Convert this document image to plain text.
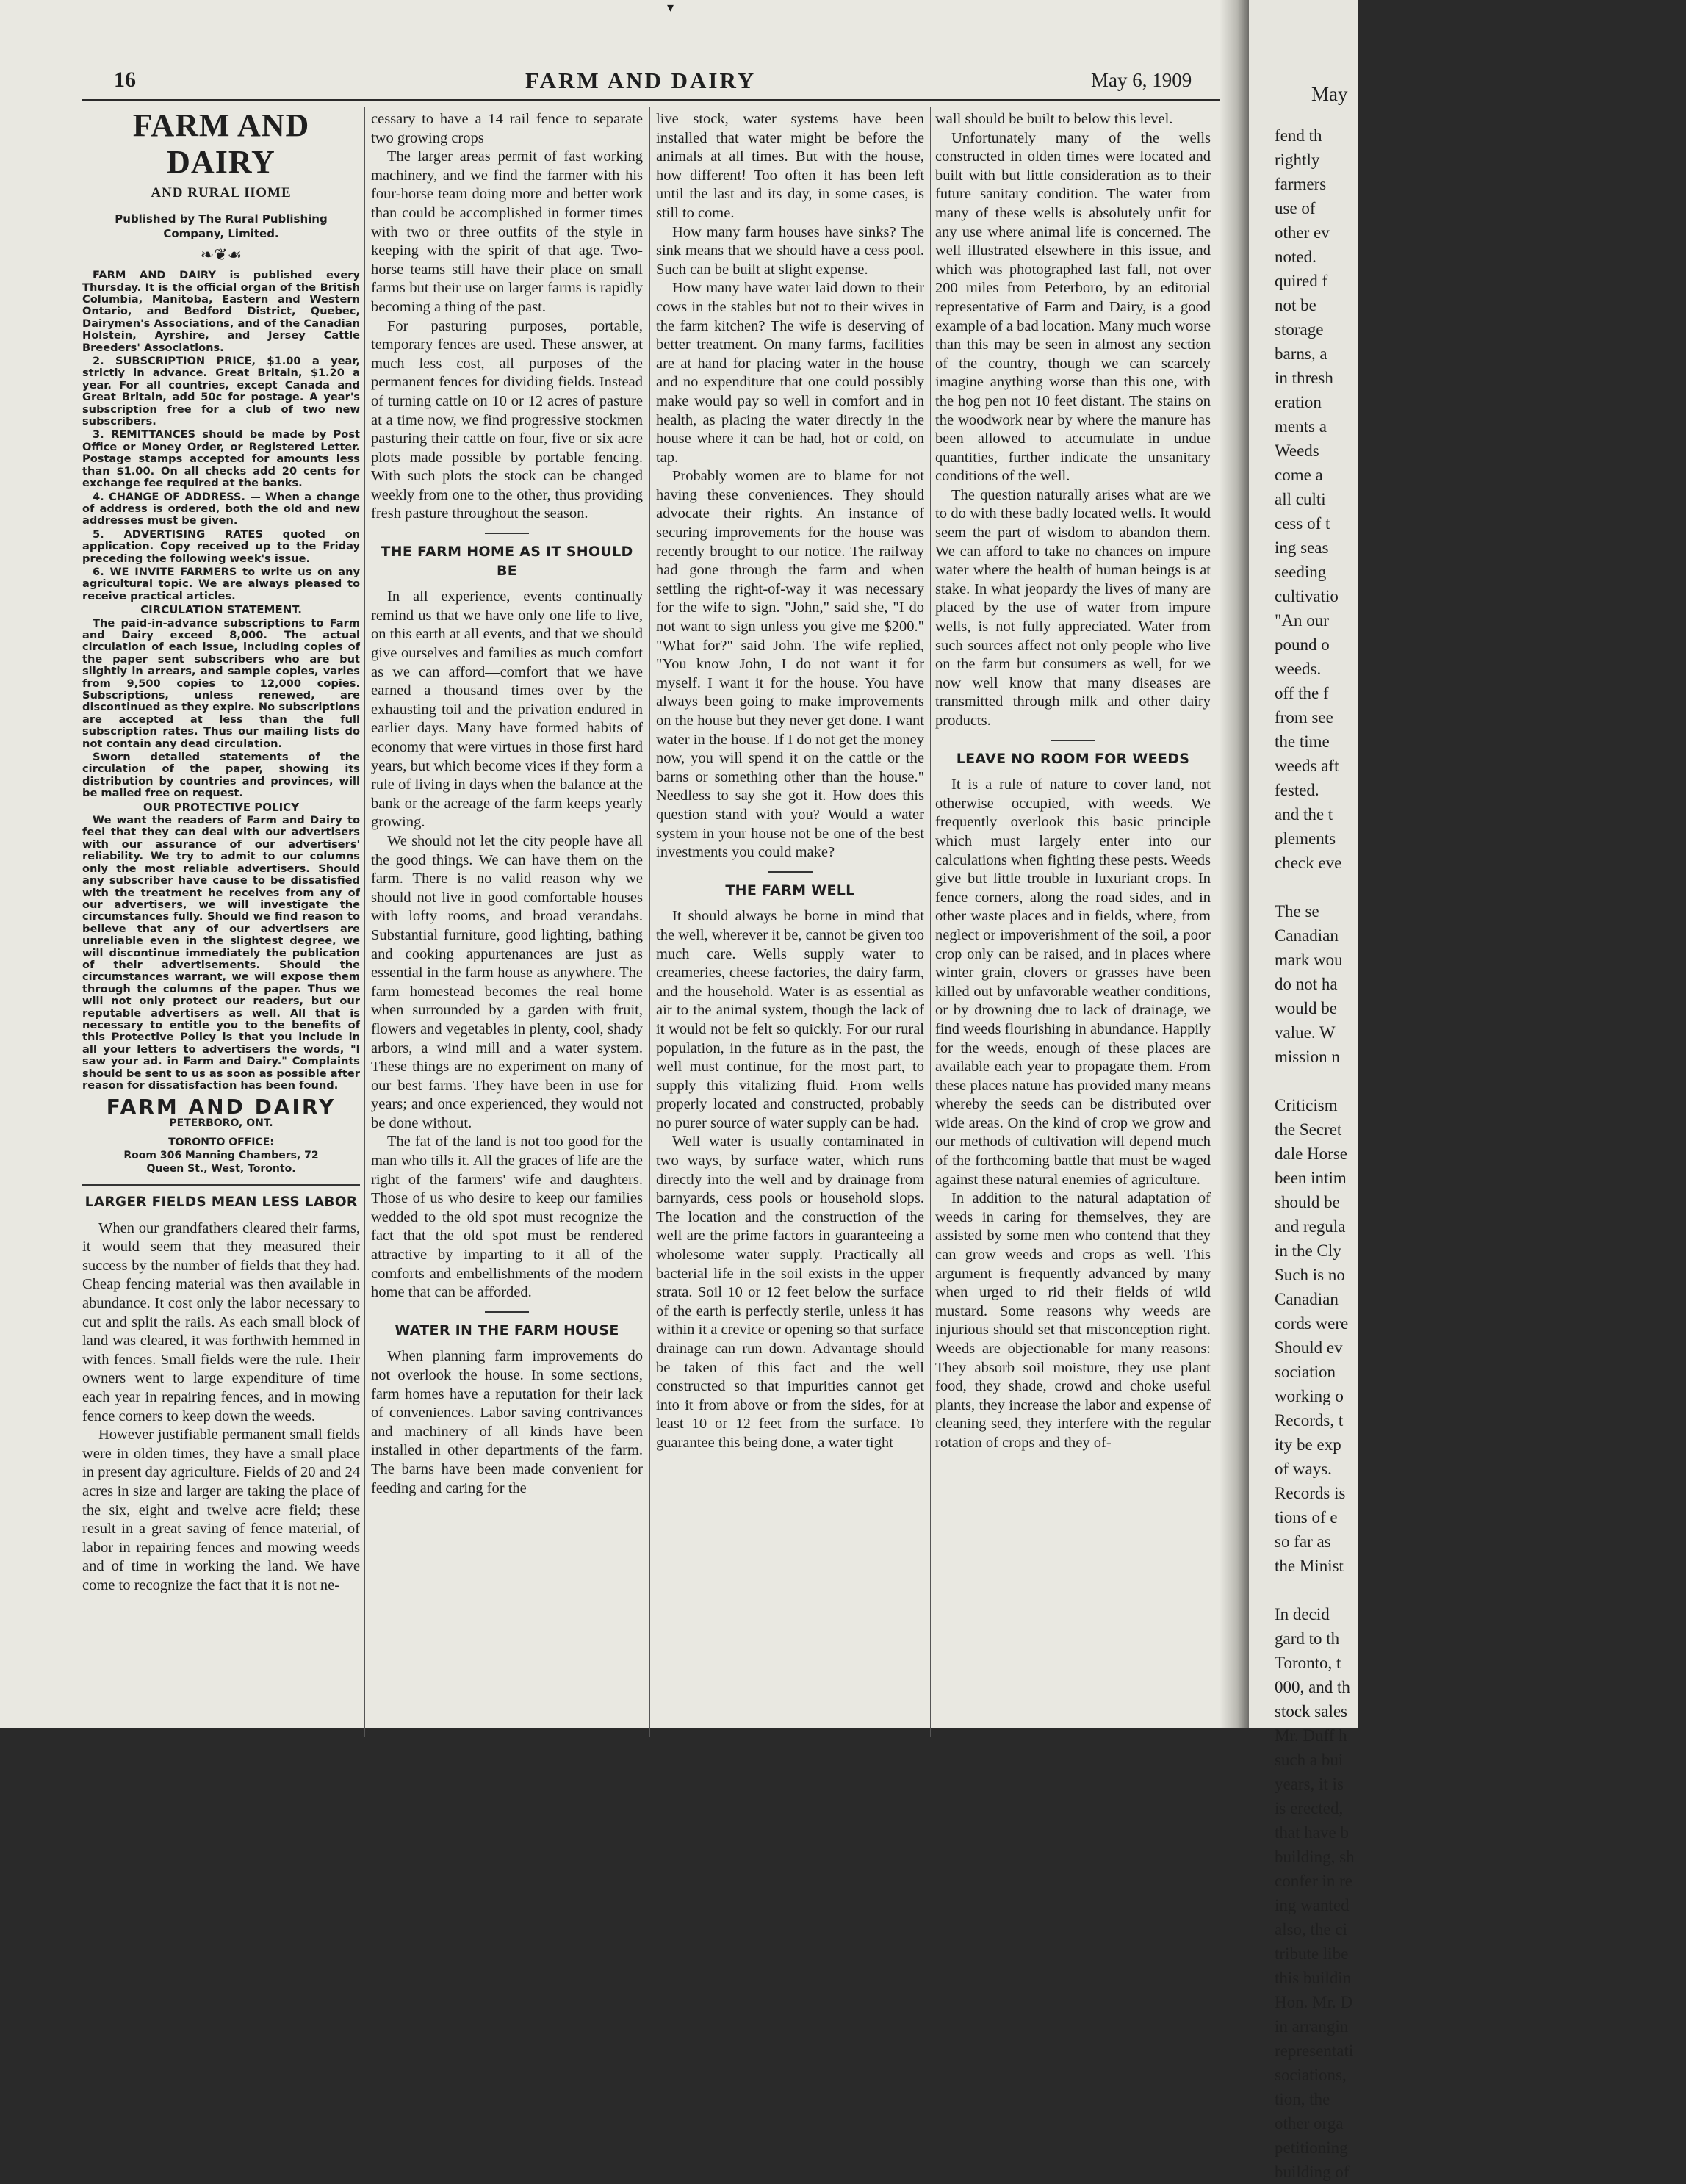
▾
16	FARM AND DAIRY	May 6, 1909
FARM AND DAIRY
AND RURAL HOME
Published by The Rural Publishing Company, Limited.
❧❦☙

FARM AND DAIRY is published every Thursday. It is the official organ of the British Columbia, Manitoba, Eastern and Western Ontario, and Bedford District, Quebec, Dairymen's Associations, and of the Canadian Holstein, Ayrshire, and Jersey Cattle Breeders' Associations.

2. SUBSCRIPTION PRICE, $1.00 a year, strictly in advance. Great Britain, $1.20 a year. For all countries, except Canada and Great Britain, add 50c for postage. A year's subscription free for a club of two new subscribers.

3. REMITTANCES should be made by Post Office or Money Order, or Registered Letter. Postage stamps accepted for amounts less than $1.00. On all checks add 20 cents for exchange fee required at the banks.

4. CHANGE OF ADDRESS. — When a change of address is ordered, both the old and new addresses must be given.

5. ADVERTISING RATES quoted on application. Copy received up to the Friday preceding the following week's issue.

6. WE INVITE FARMERS to write us on any agricultural topic. We are always pleased to receive practical articles.

CIRCULATION STATEMENT.

The paid-in-advance subscriptions to Farm and Dairy exceed 8,000. The actual circulation of each issue, including copies of the paper sent subscribers who are but slightly in arrears, and sample copies, varies from 9,500 copies to 12,000 copies. Subscriptions, unless renewed, are discontinued as they expire. No subscriptions are accepted at less than the full subscription rates. Thus our mailing lists do not contain any dead circulation.

Sworn detailed statements of the circulation of the paper, showing its distribution by countries and provinces, will be mailed free on request.

OUR PROTECTIVE POLICY

We want the readers of Farm and Dairy to feel that they can deal with our advertisers with our assurance of our advertisers' reliability. We try to admit to our columns only the most reliable advertisers. Should any subscriber have cause to be dissatisfied with the treatment he receives from any of our advertisers, we will investigate the circumstances fully. Should we find reason to believe that any of our advertisers are unreliable even in the slightest degree, we will discontinue immediately the publication of their advertisements. Should the circumstances warrant, we will expose them through the columns of the paper. Thus we will not only protect our readers, but our reputable advertisers as well. All that is necessary to entitle you to the benefits of this Protective Policy is that you include in all your letters to advertisers the words, "I saw your ad. in Farm and Dairy." Complaints should be sent to us as soon as possible after reason for dissatisfaction has been found.

FARM AND DAIRY
PETERBORO, ONT.
TORONTO OFFICE:
Room 306 Manning Chambers, 72 Queen St., West, Toronto.
LARGER FIELDS MEAN LESS LABOR

When our grandfathers cleared their farms, it would seem that they measured their success by the number of fields that they had. Cheap fencing material was then available in abundance. It cost only the labor necessary to cut and split the rails. As each small block of land was cleared, it was forthwith hemmed in with fences. Small fields were the rule. Their owners went to large expenditure of time each year in repairing fences, and in mowing fence corners to keep down the weeds.

However justifiable permanent small fields were in olden times, they have a small place in present day agriculture. Fields of 20 and 24 acres in size and larger are taking the place of the six, eight and twelve acre field; these result in a great saving of fence material, of labor in repairing fences and mowing weeds and of time in working the land. We have come to recognize the fact that it is not ne-

cessary to have a 14 rail fence to separate two growing crops

The larger areas permit of fast working machinery, and we find the farmer with his four-horse team doing more and better work than could be accomplished in former times with two or three outfits of the style in keeping with the spirit of that age. Two-horse teams still have their place on small farms but their use on larger farms is rapidly becoming a thing of the past.

For pasturing purposes, portable, temporary fences are used. These answer, at much less cost, all purposes of the permanent fences for dividing fields. Instead of turning cattle on 10 or 12 acres of pasture at a time now, we find progressive stockmen pasturing their cattle on four, five or six acre plots made possible by portable fencing. With such plots the stock can be changed weekly from one to the other, thus providing fresh pasture throughout the season.

THE FARM HOME AS IT SHOULD BE

In all experience, events continually remind us that we have only one life to live, on this earth at all events, and that we should give ourselves and families as much comfort as we can afford—comfort that we have earned a thousand times over by the exhausting toil and the privation endured in earlier days. Many have formed habits of economy that were virtues in those first hard years, but which become vices if they form a rule of living in days when the balance at the bank or the acreage of the farm keeps yearly growing.

We should not let the city people have all the good things. We can have them on the farm. There is no valid reason why we should not live in good comfortable houses with lofty rooms, and broad verandahs. Substantial furniture, good lighting, bathing and cooking appurtenances are just as essential in the farm house as anywhere. The farm homestead becomes the real home when surrounded by a garden with fruit, flowers and vegetables in plenty, cool, shady arbors, a wind mill and a water system. These things are no experiment on many of our best farms. They have been in use for years; and once experienced, they would not be done without.

The fat of the land is not too good for the man who tills it. All the graces of life are the right of the farmers' wife and daughters. Those of us who desire to keep our families wedded to the old spot must recognize the fact that the old spot must be rendered attractive by imparting to it all of the comforts and embellishments of the modern home that can be afforded.

WATER IN THE FARM HOUSE

When planning farm improvements do not overlook the house. In some sections, farm homes have a reputation for their lack of conveniences. Labor saving contrivances and machinery of all kinds have been installed in other departments of the farm. The barns have been made convenient for feeding and caring for the

live stock, water systems have been installed that water might be before the animals at all times. But with the house, how different! Too often it has been left until the last and its day, in some cases, is still to come.

How many farm houses have sinks? The sink means that we should have a cess pool. Such can be built at slight expense.

How many have water laid down to their cows in the stables but not to their wives in the farm kitchen? The wife is deserving of better treatment. On many farms, facilities are at hand for placing water in the house and no expenditure that one could possibly make would pay so well in comfort and in health, as placing the water directly in the house where it can be had, hot or cold, on tap.

Probably women are to blame for not having these conveniences. They should advocate their rights. An instance of securing improvements for the house was recently brought to our notice. The railway had gone through the farm and when settling the right-of-way it was necessary for the wife to sign. "John," said she, "I do not want to sign unless you give me $200." "What for?" said John. The wife replied, "You know John, I do not want it for myself. I want it for the house. You have always been going to make improvements on the house but they never get done. I want water in the house. If I do not get the money now, you will spend it on the cattle or the barns or something other than the house." Needless to say she got it. How does this question stand with you? Would a water system in your house not be one of the best investments you could make?

THE FARM WELL

It should always be borne in mind that the well, wherever it be, cannot be given too much care. Wells supply water to creameries, cheese factories, the dairy farm, and the household. Water is as essential as air to the animal system, though the lack of it would not be felt so quickly. For our rural population, in the future as in the past, the well must continue, for the most part, to supply this vitalizing fluid. From wells properly located and constructed, probably no purer source of water supply can be had.

Well water is usually contaminated in two ways, by surface water, which runs directly into the well and by drainage from barnyards, cess pools or household slops. The location and the construction of the well are the prime factors in guaranteeing a wholesome water supply. Practically all bacterial life in the soil exists in the upper strata. Soil 10 or 12 feet below the surface of the earth is perfectly sterile, unless it has within it a crevice or opening so that surface drainage can run down. Advantage should be taken of this fact and the well constructed so that impurities cannot get into it from above or from the sides, for at least 10 or 12 feet from the surface. To guarantee this being done, a water tight

wall should be built to below this level.

Unfortunately many of the wells constructed in olden times were located and built with but little consideration as to their future sanitary condition. The water from many of these wells is absolutely unfit for any use where animal life is concerned. The well illustrated elsewhere in this issue, and which was photographed last fall, not over 200 miles from Peterboro, by an editorial representative of Farm and Dairy, is a good example of a bad location. Many much worse than this may be seen in almost any section of the country, though we can scarcely imagine anything worse than this one, with the hog pen not 10 feet distant. The stains on the woodwork near by where the manure has been allowed to accumulate in undue quantities, further indicate the unsanitary conditions of the well.

The question naturally arises what are we to do with these badly located wells. It would seem the part of wisdom to abandon them. We can afford to take no chances on impure water where the health of human beings is at stake. In what jeopardy the lives of many are placed by the use of water from impure wells, is not fully appreciated. Water from such sources affect not only people who live on the farm but consumers as well, for we now well know that many diseases are transmitted through milk and other dairy products.

LEAVE NO ROOM FOR WEEDS

It is a rule of nature to cover land, not otherwise occupied, with weeds. We frequently overlook this basic principle which must largely enter into our calculations when fighting these pests. Weeds give but little trouble in luxuriant crops. In fence corners, along the road sides, and in other waste places and in fields, where, from neglect or impoverishment of the soil, a poor crop only can be raised, and in places where winter grain, clovers or grasses have been killed out by unfavorable weather conditions, or by drowning due to lack of drainage, we find weeds flourishing in abundance. Happily for the weeds, enough of these places are available each year to propagate them. From these places nature has provided many means whereby the seeds can be distributed over wide areas. On the kind of crop we grow and our methods of cultivation will depend much of the forthcoming battle that must be waged against these natural enemies of agriculture.

In addition to the natural adaptation of weeds in caring for themselves, they are assisted by some men who contend that they can grow weeds and crops as well. This argument is frequently advanced by many when urged to rid their fields of wild mustard. Some reasons why weeds are injurious should set that misconception right. Weeds are objectionable for many reasons: They absorb soil moisture, they use plant food, they shade, crowd and choke useful plants, they increase the labor and expense of cleaning seed, they interfere with the regular rotation of crops and they of-

May

fend th

rightly

farmers

use of

other ev

noted.

quired f

not be

storage

barns, a

in thresh

eration

ments a

Weeds

come a

all culti

cess of t

ing seas

seeding

cultivatio

"An our

pound o

weeds.

off the f

from see

the time

weeds aft

fested.

and the t

plements

check eve

The se

Canadian

mark wou

do not ha

would be

value. W

mission n

Criticism

the Secret

dale Horse

been intim

should be

and regula

in the Cly

Such is no

Canadian

cords were

Should ev

sociation

working o

Records, t

ity be exp

of ways.

Records is

tions of e

so far as

the Minist

In decid

gard to th

Toronto, t

000, and th

stock sales

Mr. Duff h

such a bui

years, it is

is erected,

that have b

building, sh

confer in re

ing wanted

also, the ci

tribute libe

this buildin

Hon. Mr. D

in arrangin

representati

sociations,

tion, the

other orga

petitioning

building of
